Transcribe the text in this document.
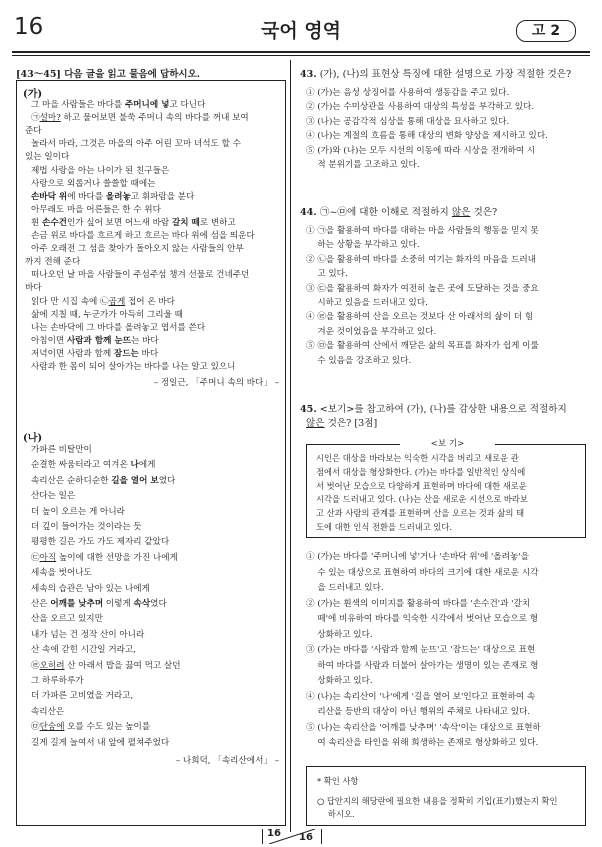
16	국어 영역	고 2
[43～45] 다음 글을 읽고 물음에 답하시오.
(가)
그 마을 사람들은 바다를 주머니에 넣고 다닌다
㉠설마? 하고 물어보면 불쑥 주머니 속의 바다를 꺼내 보여
준다
놀라서 마라, 그것은 마을의 아주 어린 꼬마 녀석도 할 수
있는 일이다
제법 사랑을 아는 나이가 된 친구들은
사랑으로 외롭거나 쓸쓸할 때에는
손바닥 위에 바다를 올려놓고 휘파람을 분다
아무래도 마을 어른들은 한 수 위다
휜 손수건인가 싶어 보면 어느새 바람 갈치 떼로 변하고
손금 위로 바다를 흐르게 하고 흐르는 바다 위에 섬을 띄운다
아주 오래전 그 섬을 찾아가 돌아오지 않는 사람들의 안부
까지 전해 준다
떠나오던 날 마을 사람들이 주섬주섬 챙겨 선물로 건네주던
바다
읽다 만 시집 속에 ㉡곱게 접어 온 바다
삶에 지칠 때, 누군가가 아득히 그리울 때
나는 손바닥에 그 바다를 올려놓고 엽서를 쓴다
아침이면 사람과 함께 눈뜨는 바다
저녁이면 사람과 함께 잠드는 바다
사람과 한 몸이 되어 살아가는 바다를 나는 알고 있으니
– 정일근, 「주머니 속의 바다」 –
(나)
가파른 비탈만이
순결한 싸움터라고 여겨온 나에게
속리산은 순하디순한 길을 열어 보였다
산다는 일은
더 높이 오르는 게 아니라
더 깊이 들어가는 것이라는 듯
평평한 길은 가도 가도 제자리 같았다
㉢아직 높이에 대한 선망을 가진 나에게
세속을 벗어나도
세속의 습관은 남아 있는 나에게
산은 어깨를 낮추며 이렇게 속삭였다
산을 오르고 있지만
내가 넘는 건 정작 산이 아니라
산 속에 갇힌 시간일 거라고,
㉣오히려 산 아래서 밥을 끓여 먹고 살던
그 하루하루가
더 가파른 고비였을 거라고,
속리산은
㉤단숨에 오를 수도 있는 높이를
길게 길게 늘여서 내 앞에 펼쳐주었다
– 나희덕, 「속리산에서」 –
<보 기>
시인은 대상을 바라보는 익숙한 시각을 버리고 새로운 관
점에서 대상을 형상화한다. (가)는 바다를 일반적인 상식에
서 벗어난 모습으로 다양하게 표현하며 바다에 대한 새로운
시각을 드러내고 있다. (나)는 산을 새로운 시선으로 바라보
고 산과 사람의 관계를 표현하며 산을 오르는 것과 삶의 태
도에 대한 인식 전환을 드러내고 있다.
* 확인 사항
○ 답안지의 해당란에 필요한 내용을 정확히 기입(표기)했는지 확인
　 하시오.
16 16
43. (가), (나)의 표현상 특징에 대한 설명으로 가장 적절한 것은?
① (가)는 음성 상징어를 사용하여 생동감을 주고 있다.
② (가)는 수미상관을 사용하여 대상의 특성을 부각하고 있다.
③ (나)는 공감각적 심상을 통해 대상을 묘사하고 있다.
④ (나)는 계절의 흐름을 통해 대상의 변화 양상을 제시하고 있다.
⑤ (가)와 (나)는 모두 시선의 이동에 따라 시상을 전개하여 시
　 적 분위기를 고조하고 있다.
44. ㉠~㉤에 대한 이해로 적절하지 않은 것은?
① ㉠을 활용하여 바다를 대하는 마을 사람들의 행동을 믿지 못
　 하는 상황을 부각하고 있다.
② ㉡을 활용하여 바다를 소중히 여기는 화자의 마음을 드러내
　 고 있다.
③ ㉢을 활용하여 화자가 여전히 높은 곳에 도달하는 것을 중요
　 시하고 있음을 드러내고 있다.
④ ㉣을 활용하여 산을 오르는 것보다 산 아래서의 삶이 더 힘
　 겨운 것이었음을 부각하고 있다.
⑤ ㉤을 활용하여 산에서 깨닫은 삶의 목표를 화자가 쉽게 이룰
　 수 있음을 강조하고 있다.
45. <보기>를 참고하여 (가), (나)를 감상한 내용으로 적절하지
않은 것은? [3점]
① (가)는 바다를 '주머니에 넣'거나 '손바닥 위'에 '올려놓'을
　 수 있는 대상으로 표현하여 바다의 크기에 대한 새로운 시각
　 을 드러내고 있다.
② (가)는 휜색의 이미지를 활용하여 바다를 '손수건'과 '갈치
　 떼'에 비유하여 바다를 익숙한 시각에서 벗어난 모습으로 형
　 상화하고 있다.
③ (가)는 바다를 '사람과 함께 눈뜨'고 '잠드는' 대상으로 표현
　 하여 바다를 사람과 더불어 살아가는 생명이 있는 존재로 형
　 상화하고 있다.
④ (나)는 속리산이 '나'에게 '길을 열어 보'인다고 표현하여 속
　 리산을 등반의 대상이 아닌 행위의 주체로 나타내고 있다.
⑤ (나)는 속리산을 '어깨를 낮추며' '속삭'이는 대상으로 표현하
　 여 속리산을 타인을 위해 희생하는 존재로 형상화하고 있다.
